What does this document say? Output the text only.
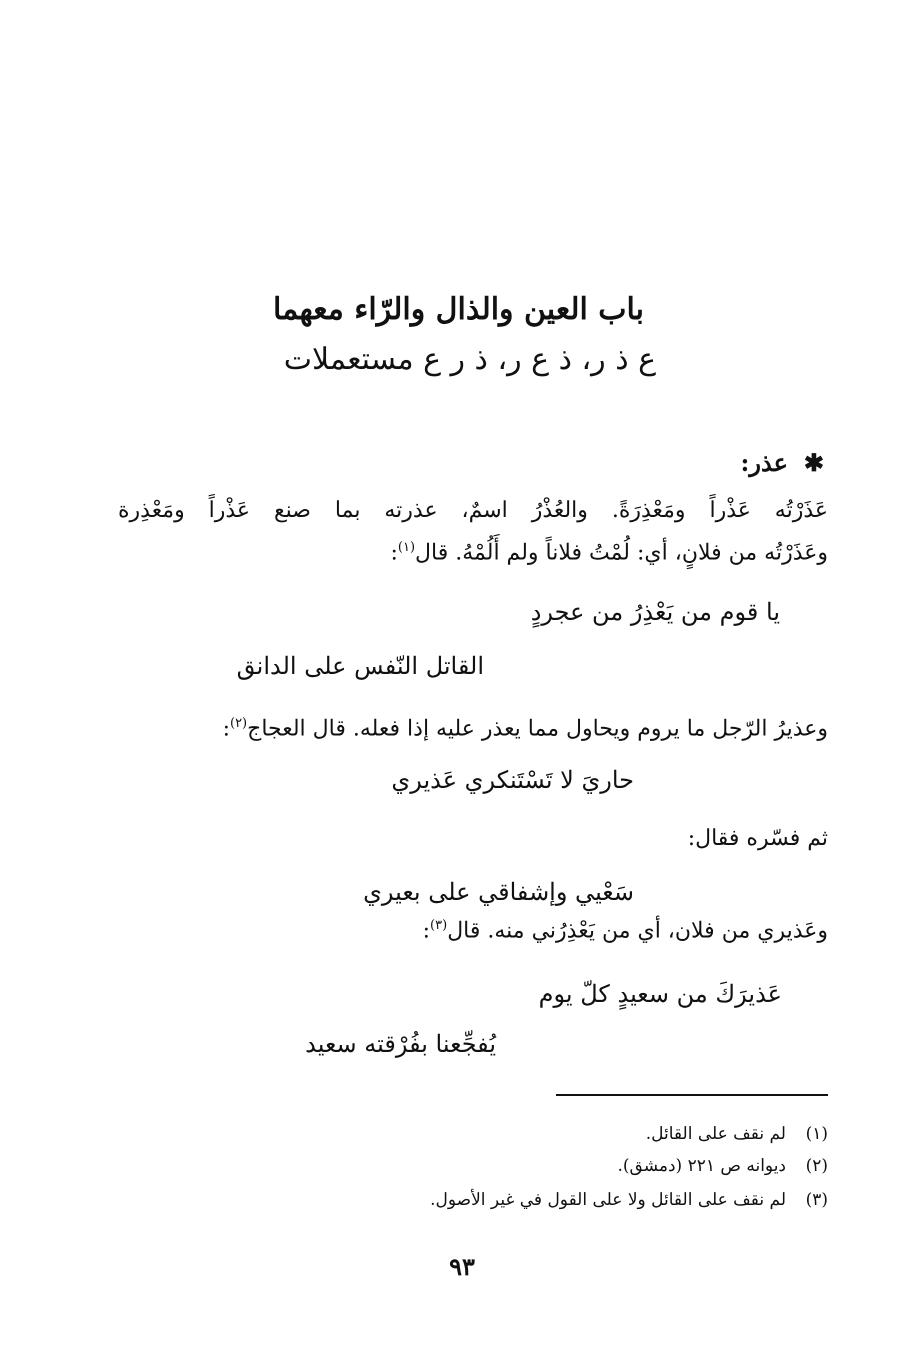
باب العين والذال والرّاء معهما
ع ذ ر، ذ ع ر، ذ ر ع مستعملات
✱عذر:
عَذَرْتُه عَذْراً ومَعْذِرَةً. والعُذْرُ اسمٌ، عذرته بما صنع عَذْراً ومَعْذِرة
وعَذَرْتُه من فلانٍ، أي: لُمْتُ فلاناً ولم أَلُمْهُ. قال$^{(١)}$:
يا قوم من يَعْذِرُ من عجردٍ
القاتل النّفس على الدانق
وعذيرُ الرّجل ما يروم ويحاول مما يعذر عليه إذا فعله. قال العجاج$^{(٢)}$:
حاريَ لا تَسْتَنكري عَذيري
ثم فسّره فقال:
سَعْيي وإشفاقي على بعيري
وعَذيري من فلان، أي من يَعْذِرُني منه. قال$^{(٣)}$:
عَذيرَكَ من سعيدٍ كلّ يوم
يُفجِّعنا بفُرْقته سعيد
(١)لم نقف على القائل.
(٢)ديوانه ص ٢٢١ (دمشق).
(٣)لم نقف على القائل ولا على القول في غير الأصول.
٩٣
